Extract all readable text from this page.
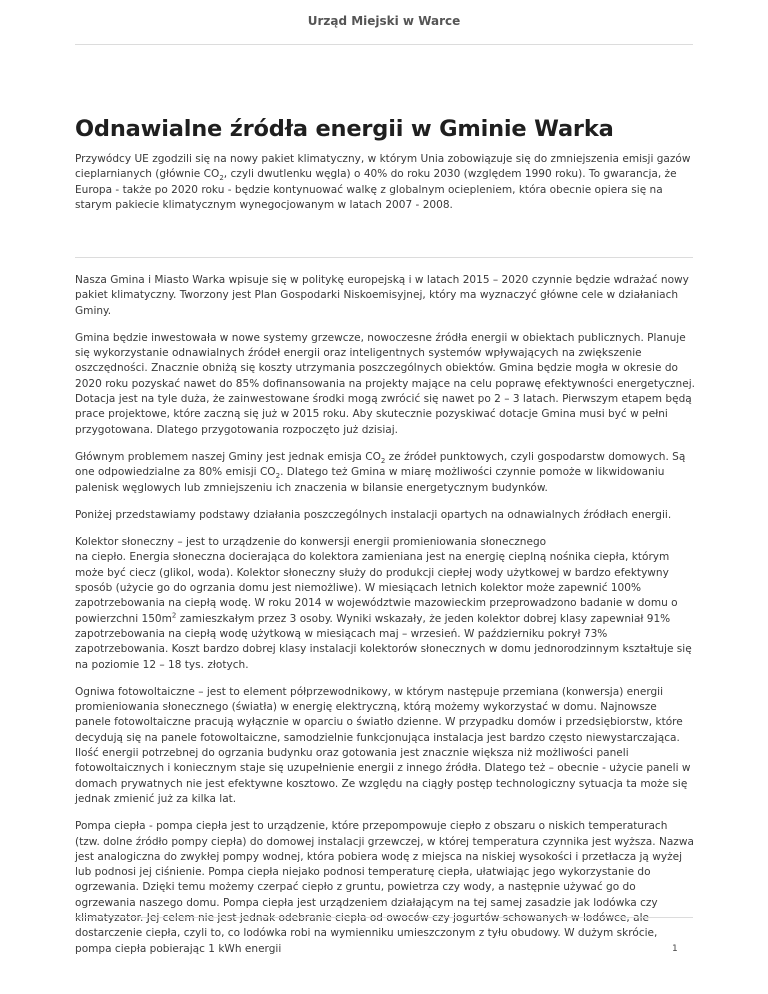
Urząd Miejski w Warce
Odnawialne źródła energii w Gminie Warka

Przywódcy UE zgodzili się na nowy pakiet klimatyczny, w którym Unia zobowiązuje się do zmniejszenia emisji gazów cieplarnianych (głównie $CO_2$, czyli dwutlenku węgla) o 40% do roku 2030 (względem 1990 roku). To gwarancja, że Europa - także po 2020 roku - będzie kontynuować walkę z globalnym ociepleniem, która obecnie opiera się na starym pakiecie klimatycznym wynegocjowanym w latach 2007 - 2008.

Nasza Gmina i Miasto Warka wpisuje się w politykę europejską i w latach 2015 – 2020 czynnie będzie wdrażać nowy pakiet klimatyczny. Tworzony jest Plan Gospodarki Niskoemisyjnej, który ma wyznaczyć główne cele w działaniach Gminy.

Gmina będzie inwestowała w nowe systemy grzewcze, nowoczesne źródła energii w obiektach publicznych. Planuje się wykorzystanie odnawialnych źródeł energii oraz inteligentnych systemów wpływających na zwiększenie oszczędności. Znacznie obniżą się koszty utrzymania poszczególnych obiektów. Gmina będzie mogła w okresie do 2020 roku pozyskać nawet do 85% dofinansowania na projekty mające na celu poprawę efektywności energetycznej. Dotacja jest na tyle duża, że zainwestowane środki mogą zwrócić się nawet po 2 – 3 latach. Pierwszym etapem będą prace projektowe, które zaczną się już w 2015 roku. Aby skutecznie pozyskiwać dotacje Gmina musi być w pełni przygotowana. Dlatego przygotowania rozpoczęto już dzisiaj.

Głównym problemem naszej Gminy jest jednak emisja $CO_2$ ze źródeł punktowych, czyli gospodarstw domowych. Są one odpowiedzialne za 80% emisji $CO_2$. Dlatego też Gmina w miarę możliwości czynnie pomoże w likwidowaniu palenisk węglowych lub zmniejszeniu ich znaczenia w bilansie energetycznym budynków.

Poniżej przedstawiamy podstawy działania poszczególnych instalacji opartych na odnawialnych źródłach energii.

Kolektor słoneczny – jest to urządzenie do konwersji energii promieniowania słonecznego
na ciepło. Energia słoneczna docierająca do kolektora zamieniana jest na energię cieplną nośnika ciepła, którym może być ciecz (glikol, woda). Kolektor słoneczny służy do produkcji ciepłej wody użytkowej w bardzo efektywny sposób (użycie go do ogrzania domu jest niemożliwe). W miesiącach letnich kolektor może zapewnić 100% zapotrzebowania na ciepłą wodę. W roku 2014 w województwie mazowieckim przeprowadzono badanie w domu o powierzchni $150m^2$ zamieszkałym przez 3 osoby. Wyniki wskazały, że jeden kolektor dobrej klasy zapewniał 91% zapotrzebowania na ciepłą wodę użytkową w miesiącach maj – wrzesień. W październiku pokrył 73% zapotrzebowania. Koszt bardzo dobrej klasy instalacji kolektorów słonecznych w domu jednorodzinnym kształtuje się na poziomie 12 – 18 tys. złotych.

Ogniwa fotowoltaiczne – jest to element półprzewodnikowy, w którym następuje przemiana (konwersja) energii promieniowania słonecznego (światła) w energię elektryczną, którą możemy wykorzystać w domu. Najnowsze panele fotowoltaiczne pracują wyłącznie w oparciu o światło dzienne. W przypadku domów i przedsiębiorstw, które decydują się na panele fotowoltaiczne, samodzielnie funkcjonująca instalacja jest bardzo często niewystarczająca. Ilość energii potrzebnej do ogrzania budynku oraz gotowania jest znacznie większa niż możliwości paneli fotowoltaicznych i koniecznym staje się uzupełnienie energii z innego źródła. Dlatego też – obecnie - użycie paneli w domach prywatnych nie jest efektywne kosztowo. Ze względu na ciągły postęp technologiczny sytuacja ta może się jednak zmienić już za kilka lat.

Pompa ciepła - pompa ciepła jest to urządzenie, które przepompowuje ciepło z obszaru o niskich temperaturach (tzw. dolne źródło pompy ciepła) do domowej instalacji grzewczej, w której temperatura czynnika jest wyższa. Nazwa jest analogiczna do zwykłej pompy wodnej, która pobiera wodę z miejsca na niskiej wysokości i przetłacza ją wyżej lub podnosi jej ciśnienie. Pompa ciepła niejako podnosi temperaturę ciepła, ułatwiając jego wykorzystanie do ogrzewania. Dzięki temu możemy czerpać ciepło z gruntu, powietrza czy wody, a następnie używać go do ogrzewania naszego domu. Pompa ciepła jest urządzeniem działającym na tej samej zasadzie jak lodówka czy dostarczenie ciepła, czyli to, co lodówka robi na wymienniku umieszczonym z tyłu obudowy. W dużym skrócie, pompa ciepła pobierając 1 kWh energii	1
